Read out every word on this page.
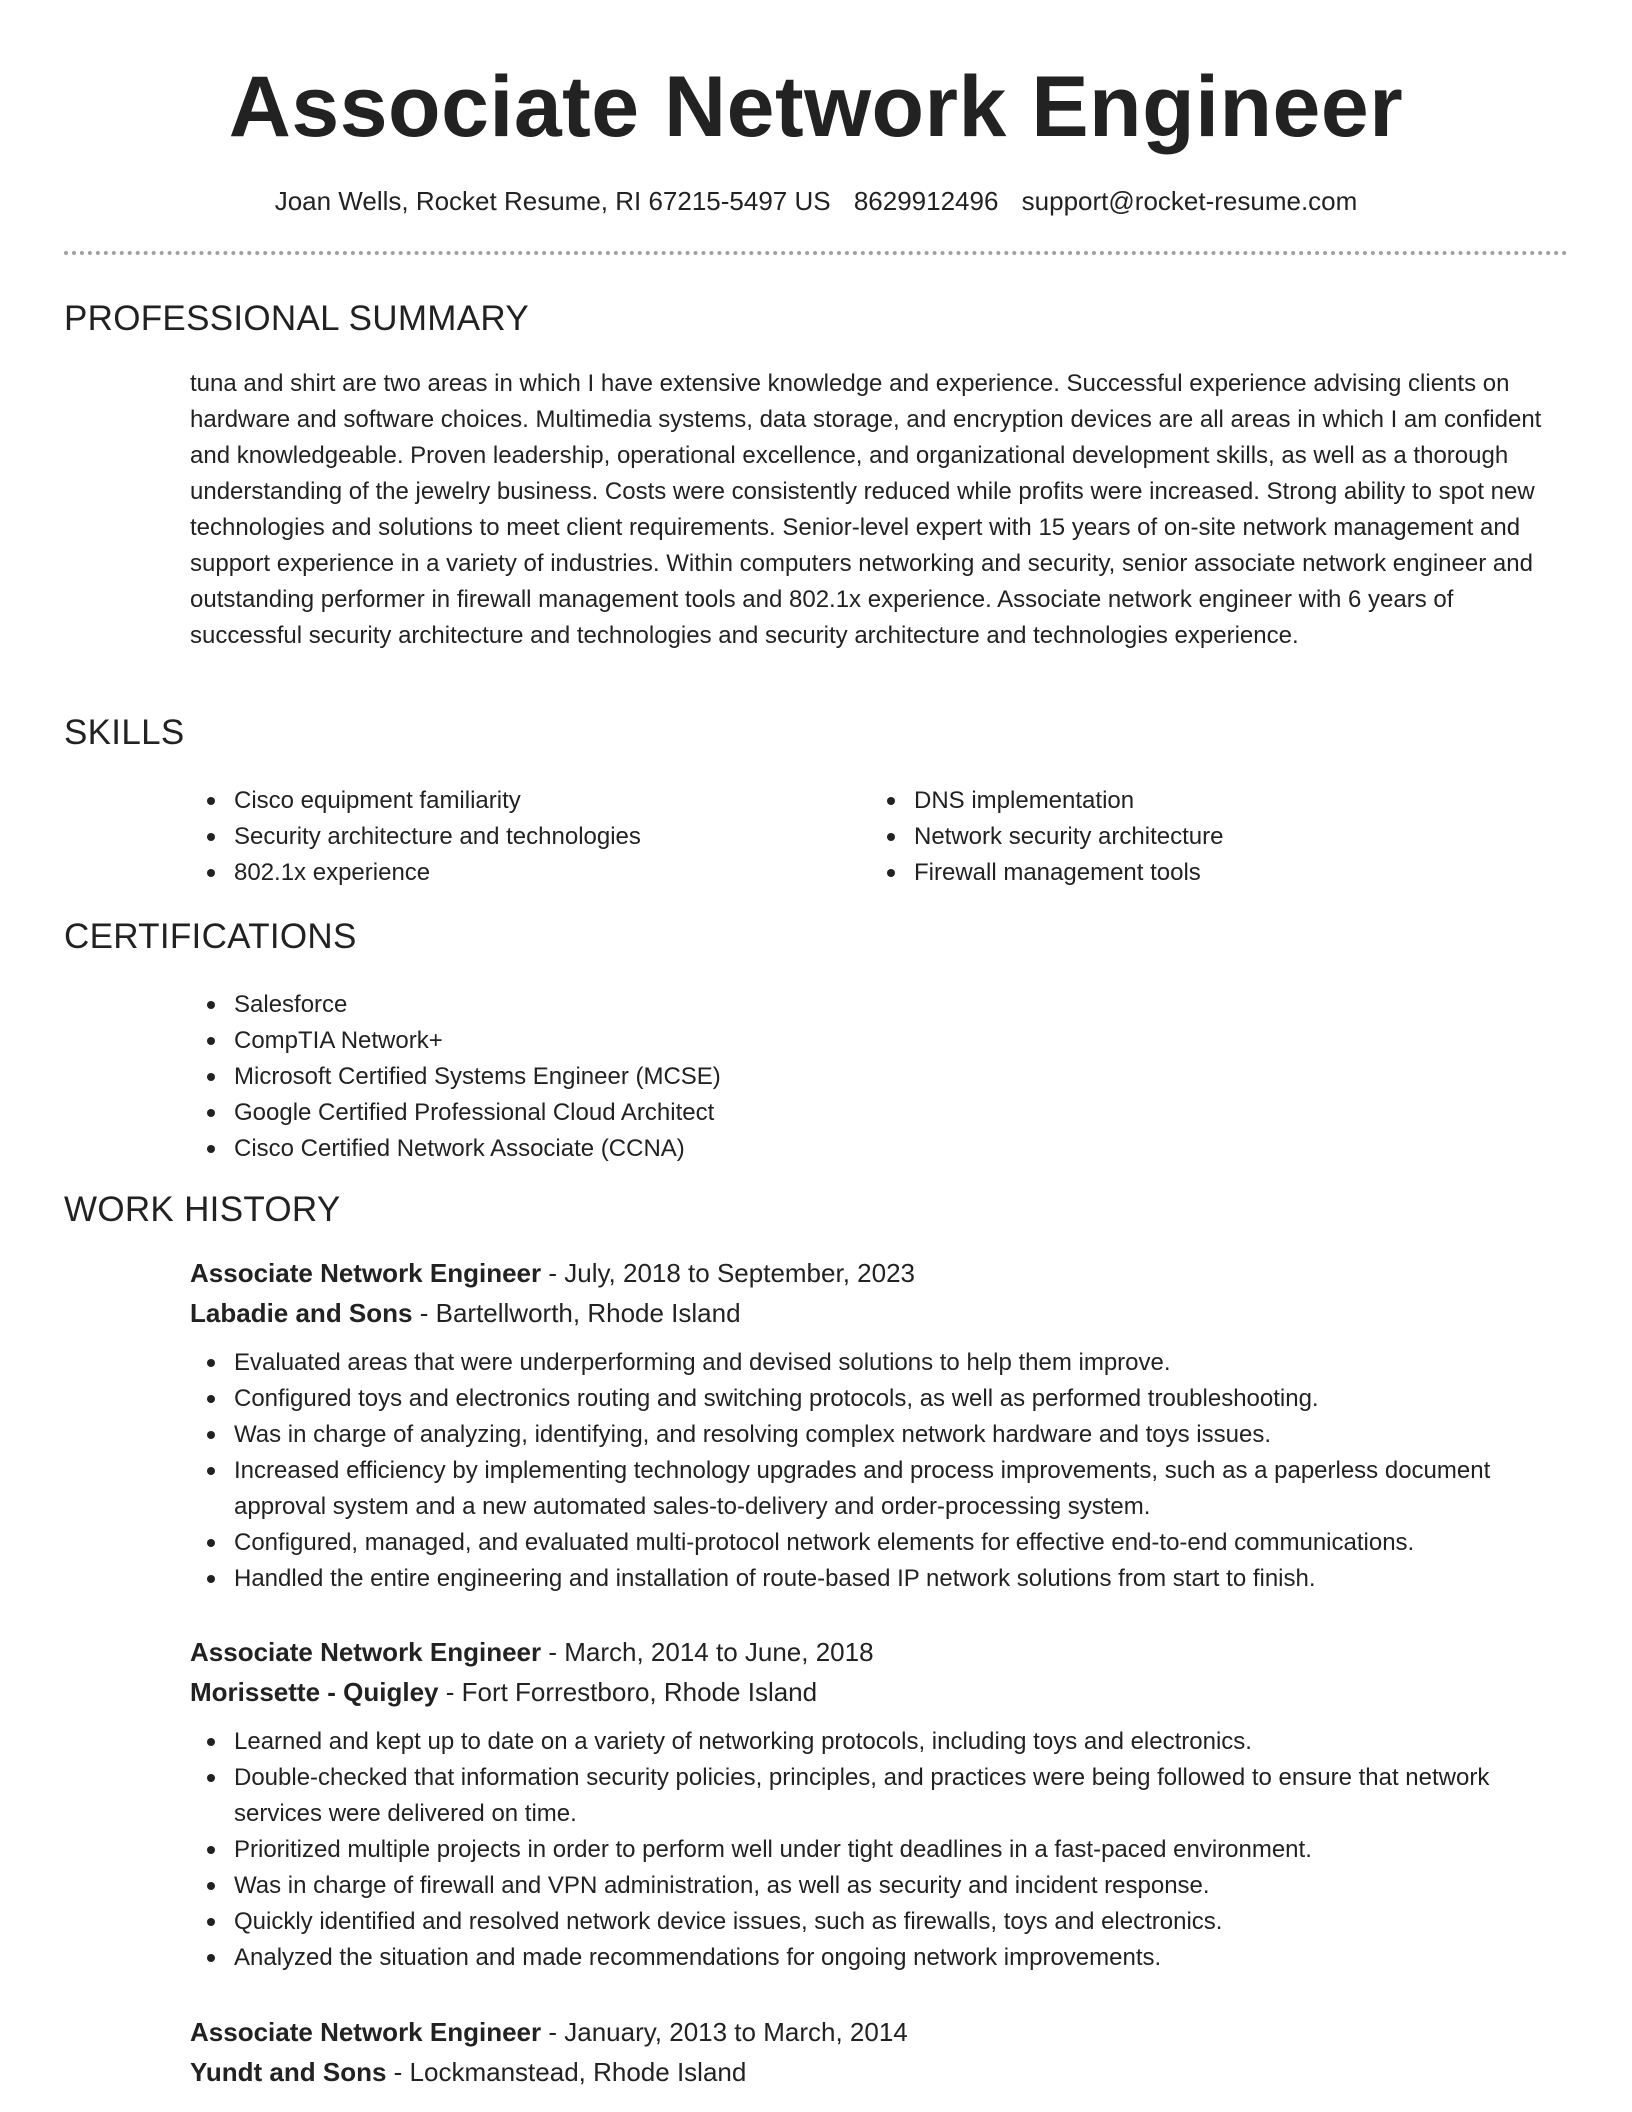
Associate Network Engineer
Joan Wells, Rocket Resume, RI 67215-5497 US 8629912496 support@rocket-resume.com
PROFESSIONAL SUMMARY

tuna and shirt are two areas in which I have extensive knowledge and experience. Successful experience advising clients on hardware and software choices. Multimedia systems, data storage, and encryption devices are all areas in which I am confident and knowledgeable. Proven leadership, operational excellence, and organizational development skills, as well as a thorough understanding of the jewelry business. Costs were consistently reduced while profits were increased. Strong ability to spot new technologies and solutions to meet client requirements. Senior-level expert with 15 years of on-site network management and support experience in a variety of industries. Within computers networking and security, senior associate network engineer and outstanding performer in firewall management tools and 802.1x experience. Associate network engineer with 6 years of successful security architecture and technologies and security architecture and technologies experience.

SKILLS
Cisco equipment familiarity
Security architecture and technologies
802.1x experience
DNS implementation
Network security architecture
Firewall management tools
CERTIFICATIONS
Salesforce
CompTIA Network+
Microsoft Certified Systems Engineer (MCSE)
Google Certified Professional Cloud Architect
Cisco Certified Network Associate (CCNA)
WORK HISTORY
Associate Network Engineer - July, 2018 to September, 2023
Labadie and Sons - Bartellworth, Rhode Island
Evaluated areas that were underperforming and devised solutions to help them improve.
Configured toys and electronics routing and switching protocols, as well as performed troubleshooting.
Was in charge of analyzing, identifying, and resolving complex network hardware and toys issues.
Increased efficiency by implementing technology upgrades and process improvements, such as a paperless document approval system and a new automated sales-to-delivery and order-processing system.
Configured, managed, and evaluated multi-protocol network elements for effective end-to-end communications.
Handled the entire engineering and installation of route-based IP network solutions from start to finish.
Associate Network Engineer - March, 2014 to June, 2018
Morissette - Quigley - Fort Forrestboro, Rhode Island
Learned and kept up to date on a variety of networking protocols, including toys and electronics.
Double-checked that information security policies, principles, and practices were being followed to ensure that network services were delivered on time.
Prioritized multiple projects in order to perform well under tight deadlines in a fast-paced environment.
Was in charge of firewall and VPN administration, as well as security and incident response.
Quickly identified and resolved network device issues, such as firewalls, toys and electronics.
Analyzed the situation and made recommendations for ongoing network improvements.
Associate Network Engineer - January, 2013 to March, 2014
Yundt and Sons - Lockmanstead, Rhode Island
